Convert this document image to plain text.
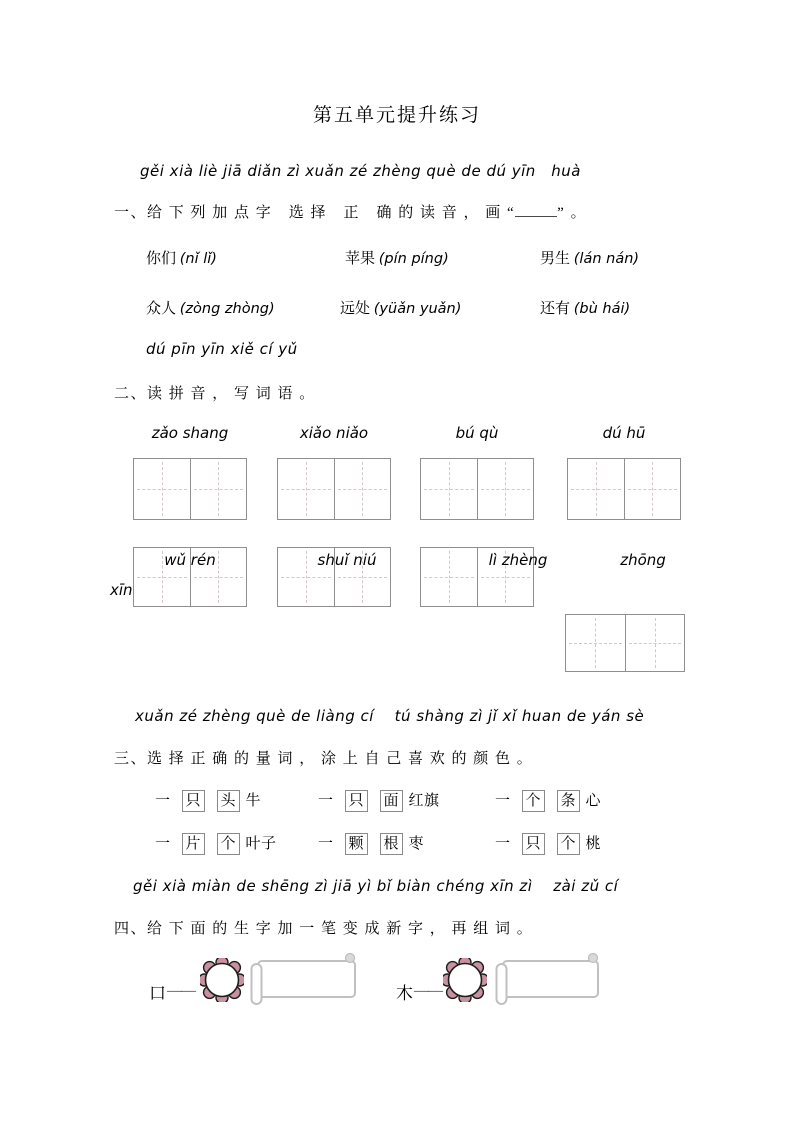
第五单元提升练习
gěi xià liè jiā diǎn zì xuǎn zé zhèng què de dú yīn　huà
一、给 下 列 加 点 字　选 择　正　确 的 读 音 ， 画 “	” 。
你们 (nǐ lǐ)	苹果 (pín píng)	男生 (lán nán)
众人 (zòng zhòng)	远处 (yüǎn yuǎn)	还有 (bù hái)
dú pīn yīn xiě cí yǔ
二、读 拼 音 ， 写 词 语 。
zǎo shang	xiǎo niǎo	bú qù	dú hū
wǔ rén	shuǐ niú	lì zhèng	zhōng
xīn
xuǎn zé zhèng què de liàng cí　 tú shàng zì jǐ xǐ huan de yán sè
三、选 择 正 确 的 量 词 ， 涂 上 自 己 喜 欢 的 颜 色 。
一 只 头 牛	一 只 面 红旗	一 个 条 心
一 片 个 叶子	一 颗 根 枣	一 只 个 桃
gěi xià miàn de shēng zì jiā yì bǐ biàn chéng xīn zì　 zài zǔ cí
四、给 下 面 的 生 字 加 一 笔 变 成 新 字 ， 再 组 词 。
口 ——	木 ——
